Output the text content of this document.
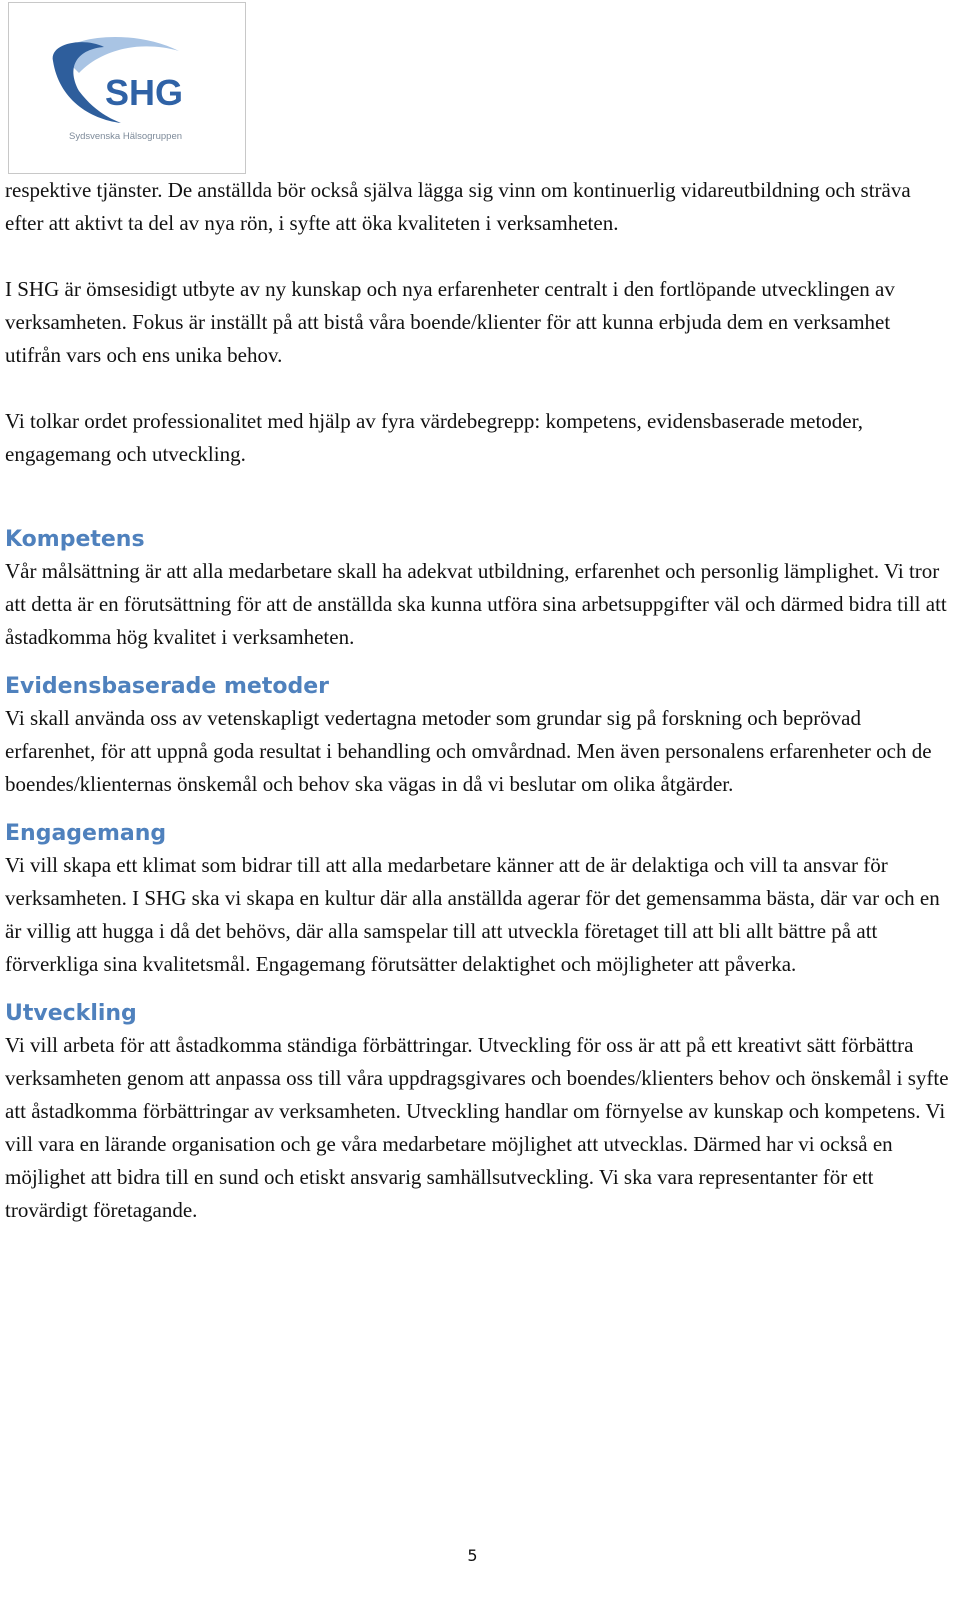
SHG
Sydsvenska Hälsogruppen

respektive tjänster. De anställda bör också själva lägga sig vinn om kontinuerlig vidareutbildning och sträva efter att aktivt ta del av nya rön, i syfte att öka kvaliteten i verksamheten.

I SHG är ömsesidigt utbyte av ny kunskap och nya erfarenheter centralt i den fortlöpande utvecklingen av verksamheten. Fokus är inställt på att bistå våra boende/klienter för att kunna erbjuda dem en verksamhet utifrån vars och ens unika behov.

Vi tolkar ordet professionalitet med hjälp av fyra värdebegrepp: kompetens, evidensbaserade metoder, engagemang och utveckling.

Kompetens

Vår målsättning är att alla medarbetare skall ha adekvat utbildning, erfarenhet och personlig lämplighet. Vi tror att detta är en förutsättning för att de anställda ska kunna utföra sina arbetsuppgifter väl och därmed bidra till att åstadkomma hög kvalitet i verksamheten.

Evidensbaserade metoder

Vi skall använda oss av vetenskapligt vedertagna metoder som grundar sig på forskning och beprövad erfarenhet, för att uppnå goda resultat i behandling och omvårdnad. Men även personalens erfarenheter och de boendes/klienternas önskemål och behov ska vägas in då vi beslutar om olika åtgärder.

Engagemang

Vi vill skapa ett klimat som bidrar till att alla medarbetare känner att de är delaktiga och vill ta ansvar för verksamheten. I SHG ska vi skapa en kultur där alla anställda agerar för det gemensamma bästa, där var och en är villig att hugga i då det behövs, där alla samspelar till att utveckla företaget till att bli allt bättre på att förverkliga sina kvalitetsmål. Engagemang förutsätter delaktighet och möjligheter att påverka.

Utveckling

Vi vill arbeta för att åstadkomma ständiga förbättringar. Utveckling för oss är att på ett kreativt sätt förbättra verksamheten genom att anpassa oss till våra uppdragsgivares och boendes/klienters behov och önskemål i syfte att åstadkomma förbättringar av verksamheten. Utveckling handlar om förnyelse av kunskap och kompetens. Vi vill vara en lärande organisation och ge våra medarbetare möjlighet att utvecklas. Därmed har vi också en möjlighet att bidra till en sund och etiskt ansvarig samhällsutveckling. Vi ska vara representanter för ett trovärdigt företagande.

5
